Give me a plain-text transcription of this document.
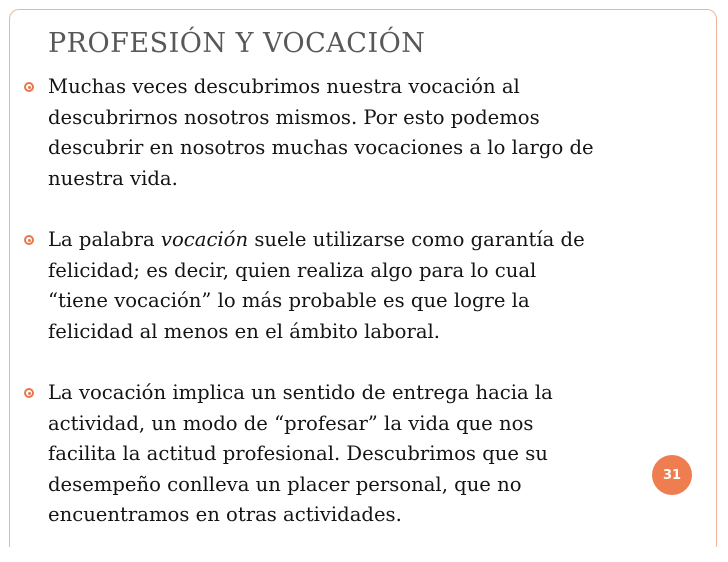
PROFESIÓN Y VOCACIÓN
Muchas veces descubrimos nuestra vocación al
descubrirnos nosotros mismos. Por esto podemos
descubrir en nosotros muchas vocaciones a lo largo de
nuestra vida.
La palabra vocación suele utilizarse como garantía de
felicidad; es decir, quien realiza algo para lo cual
“tiene vocación” lo más probable es que logre la
felicidad al menos en el ámbito laboral.
La vocación implica un sentido de entrega hacia la
actividad, un modo de “profesar” la vida que nos
facilita la actitud profesional. Descubrimos que su
desempeño conlleva un placer personal, que no
encuentramos en otras actividades.
31
